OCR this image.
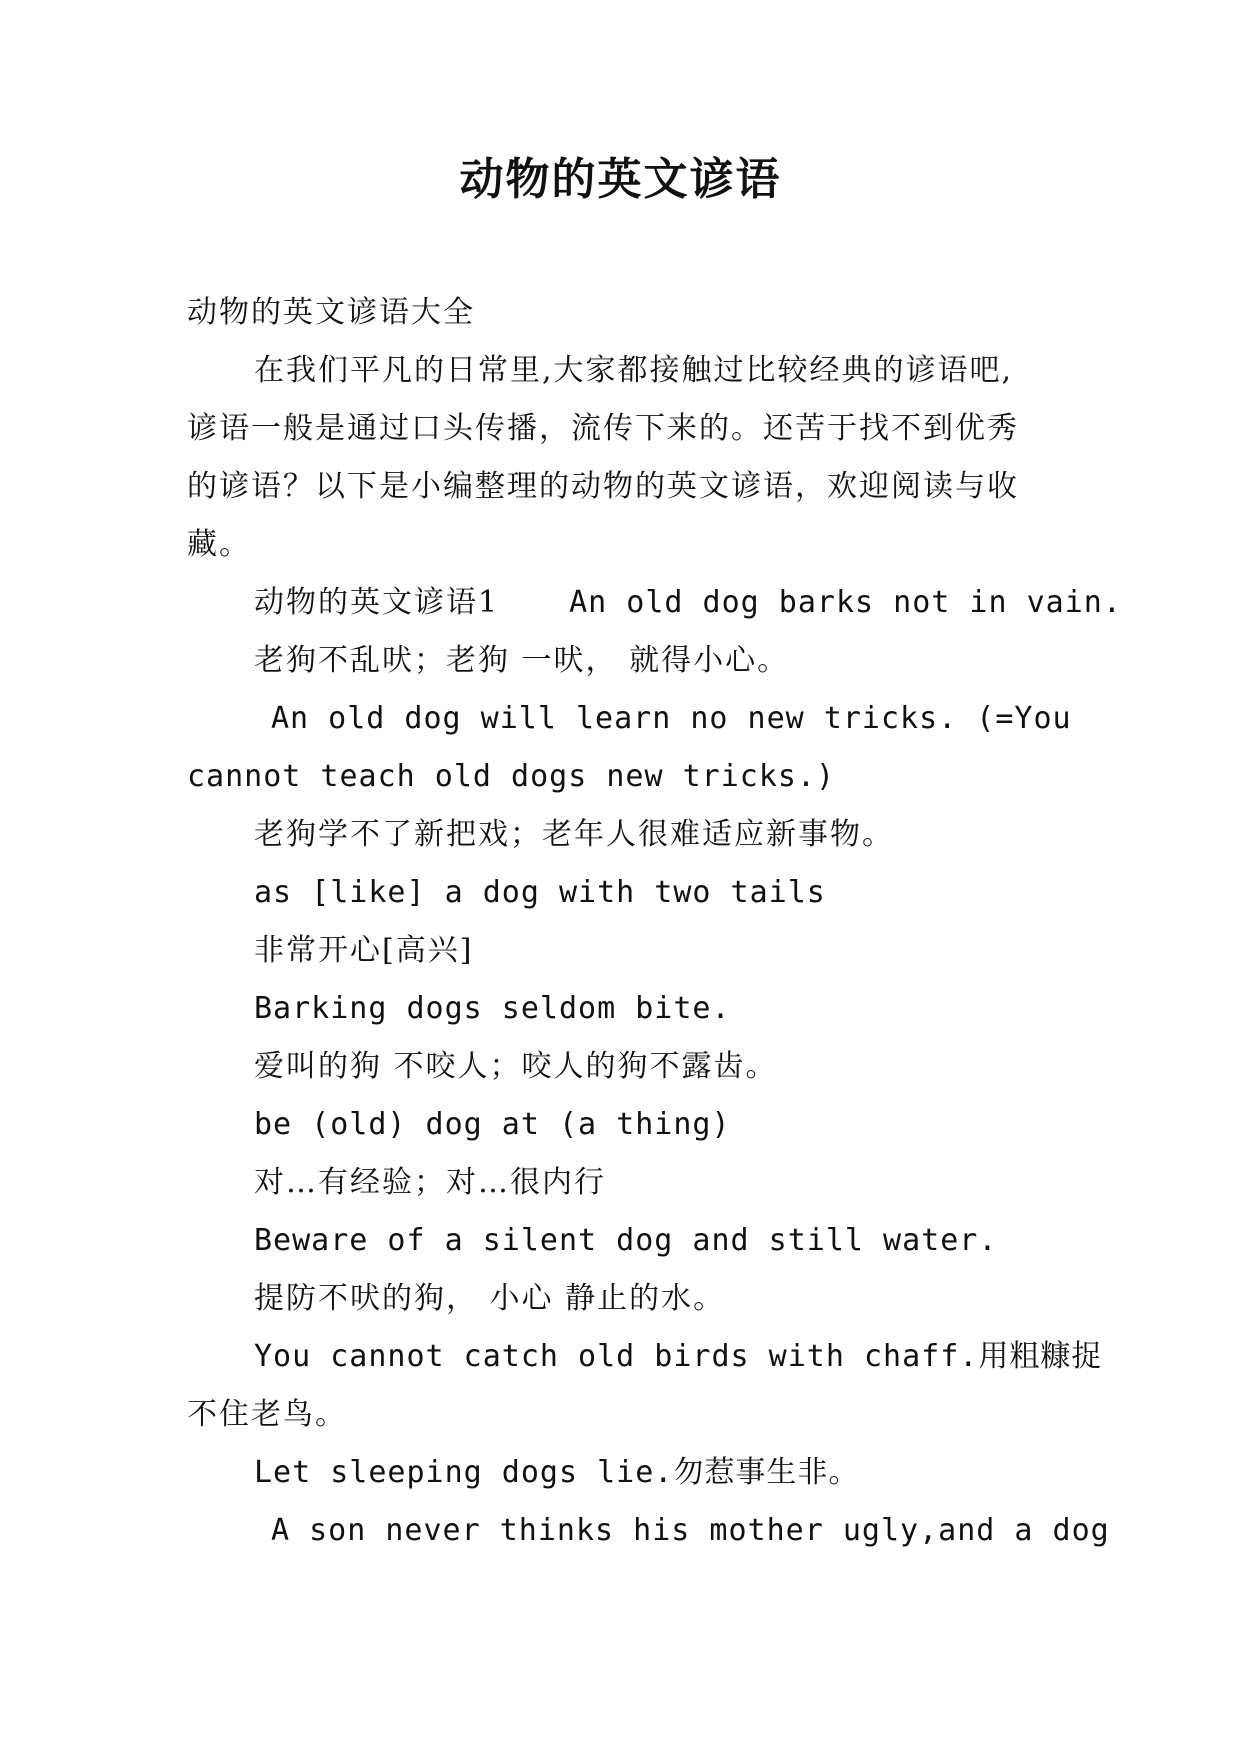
动物的英文谚语
动物的英文谚语大全
在我们平凡的日常里,大家都接触过比较经典的谚语吧,
谚语一般是通过口头传播，流传下来的。还苦于找不到优秀
的谚语？以下是小编整理的动物的英文谚语，欢迎阅读与收
藏。
动物的英文谚语1 An old dog barks not in vain.
老狗不乱吠；老狗 一吠， 就得小心。
An old dog will learn no new tricks. (=You
cannot teach old dogs new tricks.)
老狗学不了新把戏；老年人很难适应新事物。
as [like] a dog with two tails
非常开心[高兴]
Barking dogs seldom bite.
爱叫的狗 不咬人；咬人的狗不露齿。
be (old) dog at (a thing)
对…有经验；对…很内行
Beware of a silent dog and still water.
提防不吠的狗， 小心 静止的水。
You cannot catch old birds with chaff.用粗糠捉
不住老鸟。
Let sleeping dogs lie.勿惹事生非。
A son never thinks his mother ugly,and a dog
